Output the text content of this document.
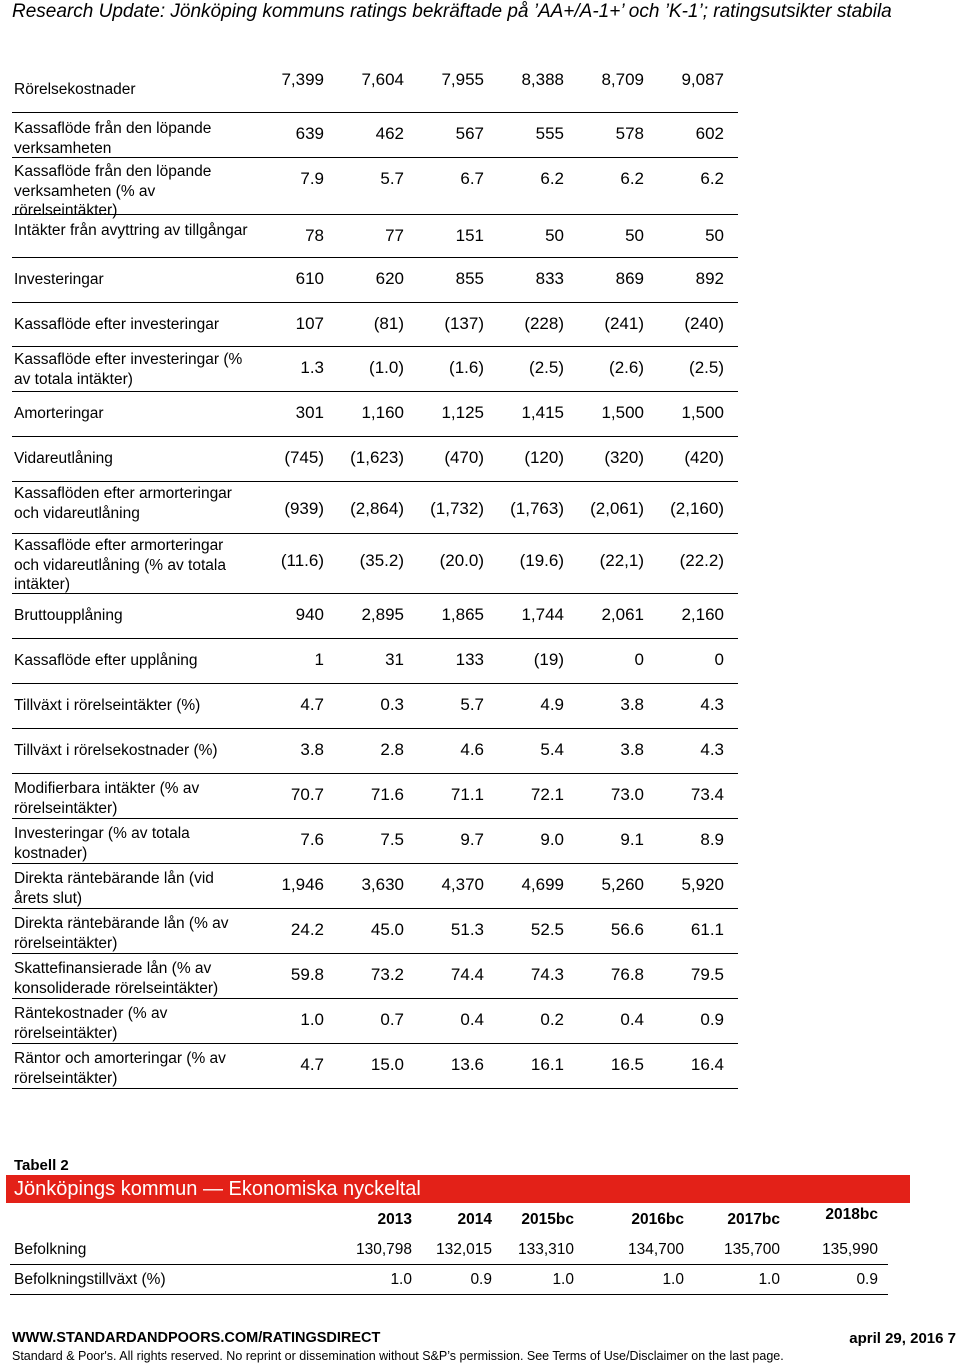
Research Update: Jönköping kommuns ratings bekräftade på ’AA+/A-1+’ och ’K-1’; ratingsutsikter stabila
Rörelsekostnader
7,399	7,604	7,955	8,388	8,709	9,087
Kassaflöde från den löpande verksamheten
639	462	567	555	578	602
Kassaflöde från den löpande verksamheten (% av rörelseintäkter)
7.9	5.7	6.7	6.2	6.2	6.2
Intäkter från avyttring av tillgångar	78	77	151	50	50	50
Investeringar	610	620	855	833	869	892
Kassaflöde efter investeringar	107	(81)	(137)	(228)	(241)	(240)
Kassaflöde efter investeringar (% av totala intäkter)
1.3	(1.0)	(1.6)	(2.5)	(2.6)	(2.5)
Amorteringar	301	1,160	1,125	1,415	1,500	1,500
Vidareutlåning	(745)	(1,623)	(470)	(120)	(320)	(420)
Kassaflöden efter armorteringar och vidareutlåning	(939)	(2,864)	(1,732)	(1,763)	(2,061)	(2,160)
Kassaflöde efter armorteringar och vidareutlåning (% av totala intäkter)
(11.6)	(35.2)	(20.0)	(19.6)	(22,1)	(22.2)
Bruttoupplåning	940	2,895	1,865	1,744	2,061	2,160
Kassaflöde efter upplåning	1	31	133	(19)	0	0
Tillväxt i rörelseintäkter (%)	4.7	0.3	5.7	4.9	3.8	4.3
Tillväxt i rörelsekostnader (%)	3.8	2.8	4.6	5.4	3.8	4.3
Modifierbara intäkter (% av rörelseintäkter)
70.7	71.6	71.1	72.1	73.0	73.4
Investeringar (% av totala kostnader)
7.6	7.5	9.7	9.0	9.1	8.9
Direkta räntebärande lån (vid årets slut)
1,946	3,630	4,370	4,699	5,260	5,920
Direkta räntebärande lån (% av rörelseintäkter)
24.2	45.0	51.3	52.5	56.6	61.1
Skattefinansierade lån (% av konsoliderade rörelseintäkter)
59.8	73.2	74.4	74.3	76.8	79.5
Räntekostnader (% av rörelseintäkter)
1.0	0.7	0.4	0.2	0.4	0.9
Räntor och amorteringar (% av rörelseintäkter)
4.7	15.0	13.6	16.1	16.5	16.4
Tabell 2
Jönköpings kommun — Ekonomiska nyckeltal
2013	2014	2015bc	2016bc	2017bc	2018bc
Befolkning	130,798	132,015	133,310	134,700	135,700	135,990
Befolkningstillväxt (%)	1.0	0.9	1.0	1.0	1.0	0.9
WWW.STANDARDANDPOORS.COM/RATINGSDIRECT	april 29, 2016 7
Standard & Poor's. All rights reserved. No reprint or dissemination without S&P’s permission. See Terms of Use/Disclaimer on the last page.
